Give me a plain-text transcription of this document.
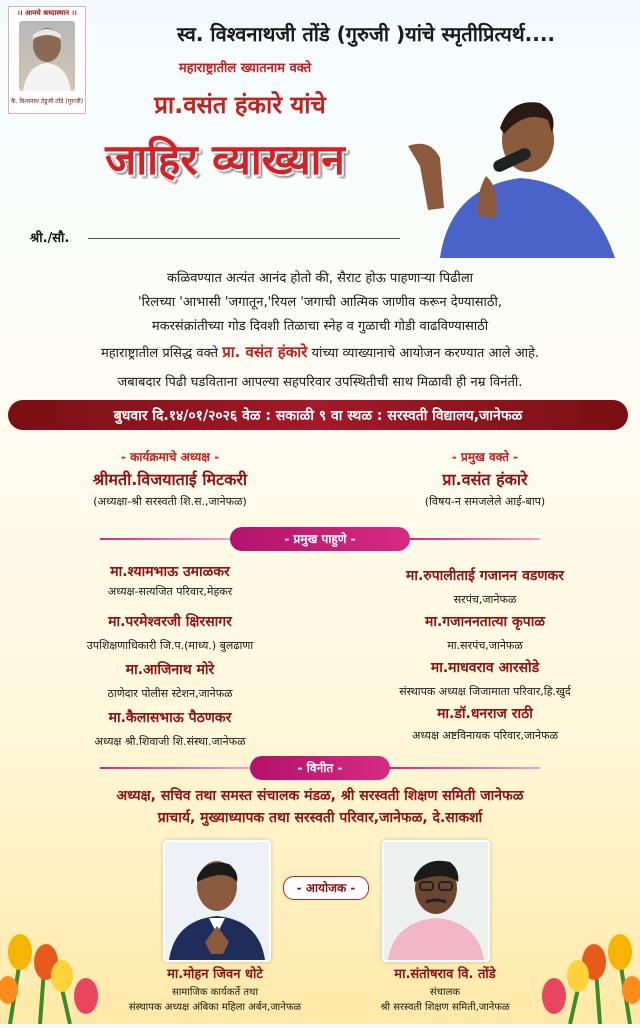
।। आमचे श्रध्दास्थान ।।
कै. विश्वनाथ तेडूजी तोंडे (गुरुजी)
स्व. विश्वनाथजी तोंडे (गुरुजी )यांचे स्मृतीप्रित्यर्थ....
महाराष्ट्रातील ख्यातनाम वक्ते
प्रा.वसंत हंकारे यांचे
जाहिर व्याख्यान
श्री./सौ.
कळिवण्यात अत्यंत आनंद होतो की, सैराट होऊ पाहणाऱ्या पिढीला
'रिलच्या 'आभासी 'जगातून,'रियल 'जगाची आत्मिक जाणीव करून देण्यासाठी,
मकरसंक्रांतीच्या गोड दिवशी तिळाचा स्नेह व गुळाची गोडी वाढविण्यासाठी
महाराष्ट्रातील प्रसिद्ध वक्ते प्रा. वसंत हंकारे यांच्या व्याख्यानाचे आयोजन करण्यात आले आहे.
जबाबदार पिढी घडविताना आपल्या सहपरिवार उपस्थितीची साथ मिळावी ही नम्र विनंती.
बुधवार दि.१४/०१/२०२६ वेळ : सकाळी ९ वा स्थळ : सरस्वती विद्यालय,जानेफळ
- कार्यक्रमाचे अध्यक्ष -
श्रीमती.विजयाताई मिटकरी
(अध्यक्षा-श्री सरस्वती शि.स.,जानेफळ)
- प्रमुख वक्ते -
प्रा.वसंत हंकारे
(विषय-न समजलेले आई-बाप)
- प्रमुख पाहुणे -
मा.श्यामभाऊ उमाळकर
अध्यक्ष-सत्यजित परिवार,मेहकर
मा.परमेश्वरजी क्षिरसागर
उपशिक्षणाधिकारी जि.प.(माध्य.) बुलढाणा
मा.आजिनाथ मोरे
ठाणेदार पोलीस स्टेशन,जानेफळ
मा.कैलासभाऊ पैठणकर
अध्यक्ष श्री.शिवाजी शि.संस्था.जानेफळ
मा.रुपालीताई गजानन वडणकर
सरपंच,जानेफळ
मा.गजाननतात्या कृपाळ
मा.सरपंच,जानेफळ
मा.माधवराव आरसोडे
संस्थापक अध्यक्ष जिजामाता परिवार,हि.खुर्द
मा.डॉ.धनराज राठी
अध्यक्ष अष्टविनायक परिवार,जानेफळ
- विनीत -
अध्यक्ष, सचिव तथा समस्त संचालक मंडळ, श्री सरस्वती शिक्षण समिती जानेफळ
प्राचार्य, मुख्याध्यापक तथा सरस्वती परिवार,जानेफळ, दे.साकर्शा
- आयोजक -
मा.मोहन जिवन धोटे
सामाजिक कार्यकर्ते तथा
संस्थापक अध्यक्ष अंबिका महिला अर्बन,जानेफळ
मा.संतोषराव वि. तोंडे
संचालक
श्री सरस्वती शिक्षण समिती,जानेफळ
